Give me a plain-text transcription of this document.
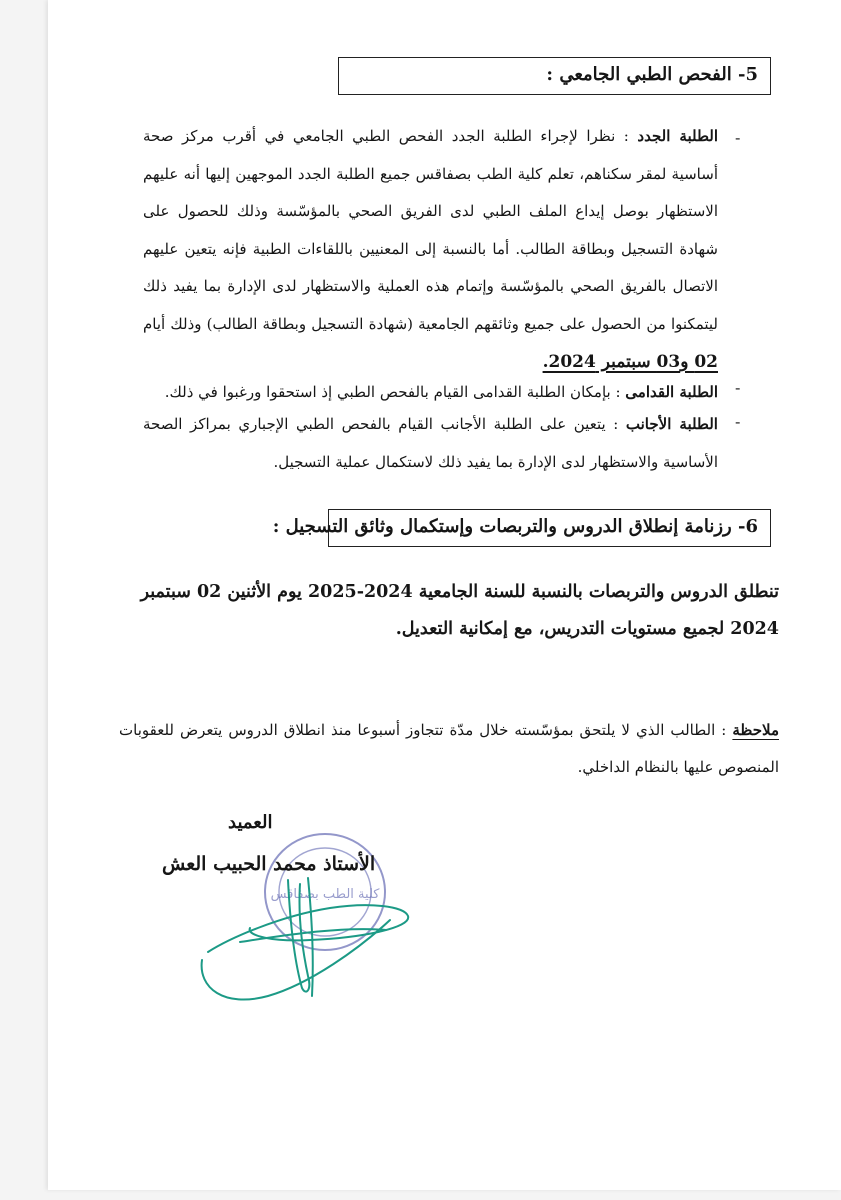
5- الفحص الطبي الجامعي :
-
الطلبة الجدد : نظرا لإجراء الطلبة الجدد الفحص الطبي الجامعي في أقرب مركز صحة أساسية لمقر سكناهم، تعلم كلية الطب بصفاقس جميع الطلبة الجدد الموجهين إليها أنه عليهم الاستظهار بوصل إيداع الملف الطبي لدى الفريق الصحي بالمؤسّسة وذلك للحصول على شهادة التسجيل وبطاقة الطالب. أما بالنسبة إلى المعنيين باللقاءات الطبية فإنه يتعين عليهم الاتصال بالفريق الصحي بالمؤسّسة وإتمام هذه العملية والاستظهار لدى الإدارة بما يفيد ذلك ليتمكنوا من الحصول على جميع وثائقهم الجامعية (شهادة التسجيل وبطاقة الطالب) وذلك أيام 02 و03 سبتمبر 2024.
-
الطلبة القدامى : بإمكان الطلبة القدامى القيام بالفحص الطبي إذ استحقوا ورغبوا في ذلك.
-
الطلبة الأجانب : يتعين على الطلبة الأجانب القيام بالفحص الطبي الإجباري بمراكز الصحة الأساسية والاستظهار لدى الإدارة بما يفيد ذلك لاستكمال عملية التسجيل.
6- رزنامة إنطلاق الدروس والتربصات وإستكمال وثائق التسجيل :
تنطلق الدروس والتربصات بالنسبة للسنة الجامعية 2024-2025 يوم الأثنين 02 سبتمبر 2024 لجميع مستويات التدريس، مع إمكانية التعديل.
ملاحظة : الطالب الذي لا يلتحق بمؤسّسته خلال مدّة تتجاوز أسبوعا منذ انطلاق الدروس يتعرض للعقوبات المنصوص عليها بالنظام الداخلي.
كلية الطب بصفاقس
العميد
الأستاذ محمد الحبيب العش
